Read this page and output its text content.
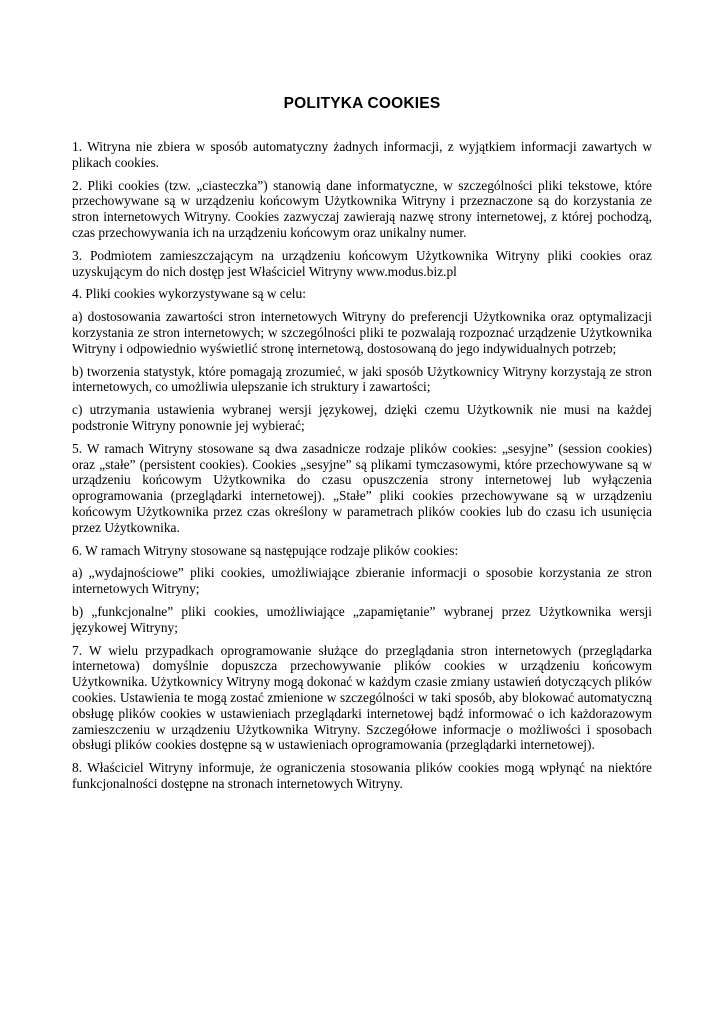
POLITYKA COOKIES

1. Witryna nie zbiera w sposób automatyczny żadnych informacji, z wyjątkiem informacji zawartych w plikach cookies.

2. Pliki cookies (tzw. „ciasteczka”) stanowią dane informatyczne, w szczególności pliki tekstowe, które przechowywane są w urządzeniu końcowym Użytkownika Witryny i przeznaczone są do korzystania ze stron internetowych Witryny. Cookies zazwyczaj zawierają nazwę strony internetowej, z której pochodzą, czas przechowywania ich na urządzeniu końcowym oraz unikalny numer.

3. Podmiotem zamieszczającym na urządzeniu końcowym Użytkownika Witryny pliki cookies oraz uzyskującym do nich dostęp jest Właściciel Witryny www.modus.biz.pl

4. Pliki cookies wykorzystywane są w celu:

a) dostosowania zawartości stron internetowych Witryny do preferencji Użytkownika oraz optymalizacji korzystania ze stron internetowych; w szczególności pliki te pozwalają rozpoznać urządzenie Użytkownika Witryny i odpowiednio wyświetlić stronę internetową, dostosowaną do jego indywidualnych potrzeb;

b) tworzenia statystyk, które pomagają zrozumieć, w jaki sposób Użytkownicy Witryny korzystają ze stron internetowych, co umożliwia ulepszanie ich struktury i zawartości;

c) utrzymania ustawienia wybranej wersji językowej, dzięki czemu Użytkownik nie musi na każdej podstronie Witryny ponownie jej wybierać;

5. W ramach Witryny stosowane są dwa zasadnicze rodzaje plików cookies: „sesyjne” (session cookies) oraz „stałe” (persistent cookies). Cookies „sesyjne” są plikami tymczasowymi, które przechowywane są w urządzeniu końcowym Użytkownika do czasu opuszczenia strony internetowej lub wyłączenia oprogramowania (przeglądarki internetowej). „Stałe” pliki cookies przechowywane są w urządzeniu końcowym Użytkownika przez czas określony w parametrach plików cookies lub do czasu ich usunięcia przez Użytkownika.

6. W ramach Witryny stosowane są następujące rodzaje plików cookies:

a) „wydajnościowe” pliki cookies, umożliwiające zbieranie informacji o sposobie korzystania ze stron internetowych Witryny;

b) „funkcjonalne” pliki cookies, umożliwiające „zapamiętanie” wybranej przez Użytkownika wersji językowej Witryny;

7. W wielu przypadkach oprogramowanie służące do przeglądania stron internetowych (przeglądarka internetowa) domyślnie dopuszcza przechowywanie plików cookies w urządzeniu końcowym Użytkownika. Użytkownicy Witryny mogą dokonać w każdym czasie zmiany ustawień dotyczących plików cookies. Ustawienia te mogą zostać zmienione w szczególności w taki sposób, aby blokować automatyczną obsługę plików cookies w ustawieniach przeglądarki internetowej bądź informować o ich każdorazowym zamieszczeniu w urządzeniu Użytkownika Witryny. Szczegółowe informacje o możliwości i sposobach obsługi plików cookies dostępne są w ustawieniach oprogramowania (przeglądarki internetowej).

8. Właściciel Witryny informuje, że ograniczenia stosowania plików cookies mogą wpłynąć na niektóre funkcjonalności dostępne na stronach internetowych Witryny.
